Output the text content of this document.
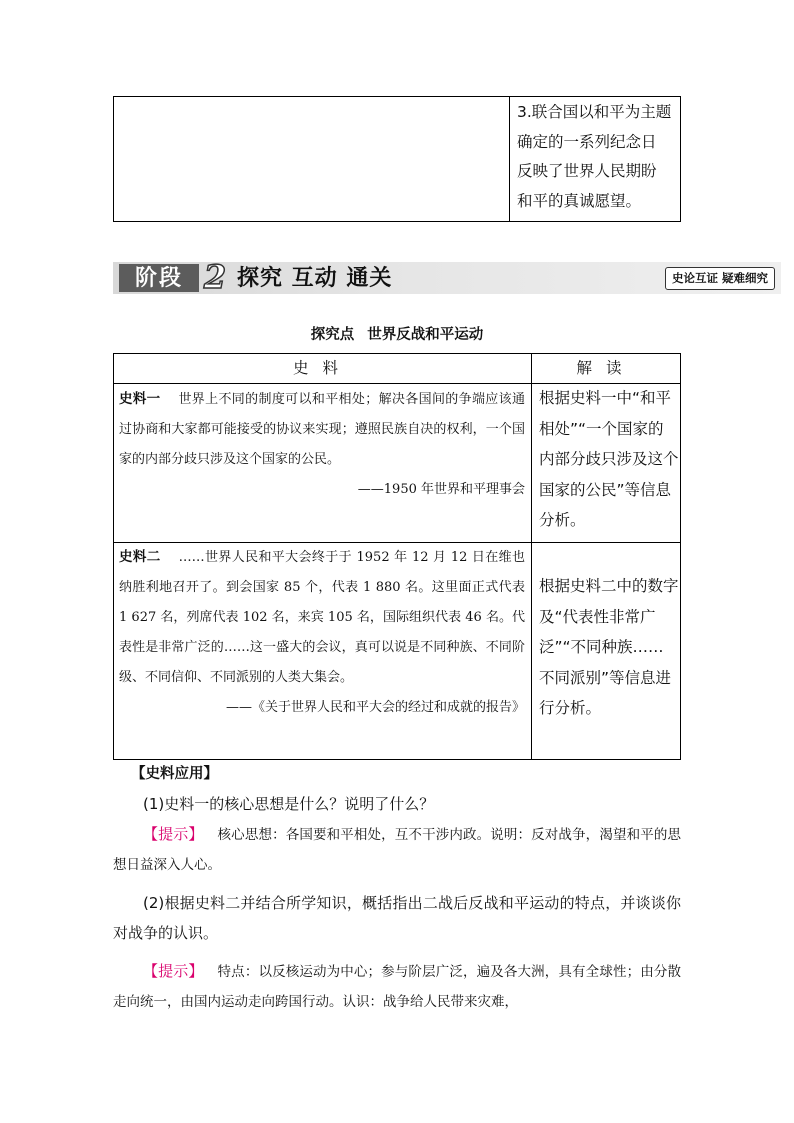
3.联合国以和平为主题
确定的一系列纪念日
反映了世界人民期盼
和平的真诚愿望。
阶段 2 探究 互动 通关	史论互证 疑难细究
探究点 世界反战和平运动
史料	解读
史料一 世界上不同的制度可以和平相处；解决各国间的争端应该通过协商和大家都可能接受的协议来实现；遵照民族自决的权利，一个国家的内部分歧只涉及这个国家的公民。
——1950 年世界和平理事会
根据史料一中“和平相处”“一个国家的内部分歧只涉及这个国家的公民”等信息分析。
史料二 ……世界人民和平大会终于于 1952 年 12 月 12 日在维也纳胜利地召开了。到会国家 85 个，代表 1 880 名。这里面正式代表 1 627 名，列席代表 102 名，来宾 105 名，国际组织代表 46 名。代表性是非常广泛的……这一盛大的会议，真可以说是不同种族、不同阶级、不同信仰、不同派别的人类大集会。
——《关于世界人民和平大会的经过和成就的报告》
根据史料二中的数字及“代表性非常广泛”“不同种族……不同派别”等信息进行分析。
【史料应用】
(1)史料一的核心思想是什么？说明了什么？
【提示】 核心思想：各国要和平相处，互不干涉内政。说明：反对战争，渴望和平的思想日益深入人心。
(2)根据史料二并结合所学知识，概括指出二战后反战和平运动的特点，并谈谈你对战争的认识。
【提示】 特点：以反核运动为中心；参与阶层广泛，遍及各大洲，具有全球性；由分散走向统一，由国内运动走向跨国行动。认识：战争给人民带来灾难，
